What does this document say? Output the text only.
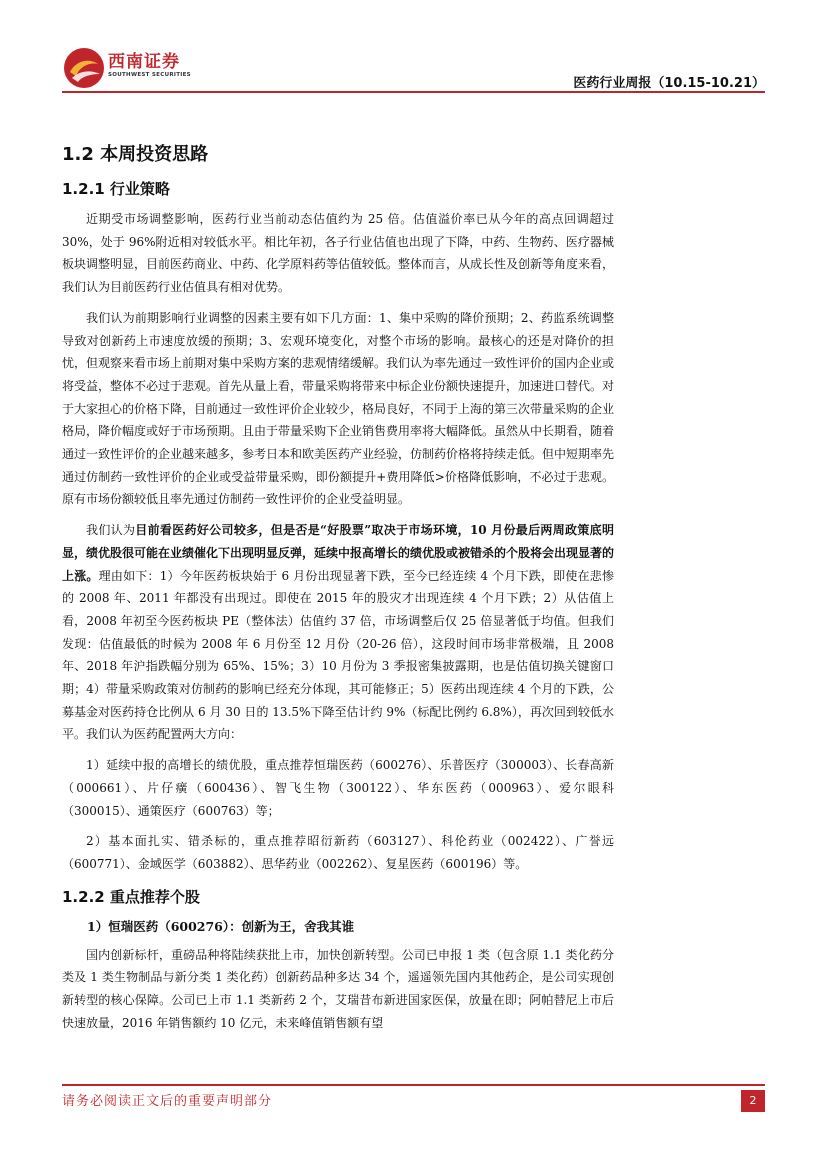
西南证券
SOUTHWEST SECURITIES
医药行业周报（10.15-10.21）
1.2 本周投资思路
1.2.1 行业策略

近期受市场调整影响，医药行业当前动态估值约为 25 倍。估值溢价率已从今年的高点回调超过 30%，处于 96%附近相对较低水平。相比年初，各子行业估值也出现了下降，中药、生物药、医疗器械板块调整明显，目前医药商业、中药、化学原料药等估值较低。整体而言，从成长性及创新等角度来看，我们认为目前医药行业估值具有相对优势。

我们认为前期影响行业调整的因素主要有如下几方面：1、集中采购的降价预期；2、药监系统调整导致对创新药上市速度放缓的预期；3、宏观环境变化，对整个市场的影响。最核心的还是对降价的担忧，但观察来看市场上前期对集中采购方案的悲观情绪缓解。我们认为率先通过一致性评价的国内企业或将受益，整体不必过于悲观。首先从量上看，带量采购将带来中标企业份额快速提升，加速进口替代。对于大家担心的价格下降，目前通过一致性评价企业较少，格局良好，不同于上海的第三次带量采购的企业格局，降价幅度或好于市场预期。且由于带量采购下企业销售费用率将大幅降低。虽然从中长期看，随着通过一致性评价的企业越来越多，参考日本和欧美医药产业经验，仿制药价格将持续走低。但中短期率先通过仿制药一致性评价的企业或受益带量采购，即份额提升+费用降低>价格降低影响，不必过于悲观。原有市场份额较低且率先通过仿制药一致性评价的企业受益明显。

我们认为目前看医药好公司较多，但是否是“好股票”取决于市场环境，10 月份最后两周政策底明显，绩优股很可能在业绩催化下出现明显反弹，延续中报高增长的绩优股或被错杀的个股将会出现显著的上涨。理由如下：1）今年医药板块始于 6 月份出现显著下跌，至今已经连续 4 个月下跌，即使在悲惨的 2008 年、2011 年都没有出现过。即使在 2015 年的股灾才出现连续 4 个月下跌；2）从估值上看，2008 年初至今医药板块 PE（整体法）估值约 37 倍，市场调整后仅 25 倍显著低于均值。但我们发现：估值最低的时候为 2008 年 6 月份至 12 月份（20-26 倍），这段时间市场非常极端，且 2008 年、2018 年沪指跌幅分别为 65%、15%；3）10 月份为 3 季报密集披露期，也是估值切换关键窗口期；4）带量采购政策对仿制药的影响已经充分体现，其可能修正；5）医药出现连续 4 个月的下跌，公募基金对医药持仓比例从 6 月 30 日的 13.5%下降至估计约 9%（标配比例约 6.8%），再次回到较低水平。我们认为医药配置两大方向：

1）延续中报的高增长的绩优股，重点推荐恒瑞医药（600276）、乐普医疗（300003）、长春高新（000661）、片仔癀（600436）、智飞生物（300122）、华东医药（000963）、爱尔眼科（300015）、通策医疗（600763）等；

2）基本面扎实、错杀标的，重点推荐昭衍新药（603127）、科伦药业（002422）、广誉远（600771）、金域医学（603882）、思华药业（002262）、复星医药（600196）等。

1.2.2 重点推荐个股
1）恒瑞医药（600276）：创新为王，舍我其谁

国内创新标杆，重磅品种将陆续获批上市，加快创新转型。公司已申报 1 类（包含原 1.1 类化药分类及 1 类生物制品与新分类 1 类化药）创新药品种多达 34 个，遥遥领先国内其他药企，是公司实现创新转型的核心保障。公司已上市 1.1 类新药 2 个，艾瑞昔布新进国家医保，放量在即；阿帕替尼上市后快速放量，2016 年销售额约 10 亿元，未来峰值销售额有望

请务必阅读正文后的重要声明部分	2
